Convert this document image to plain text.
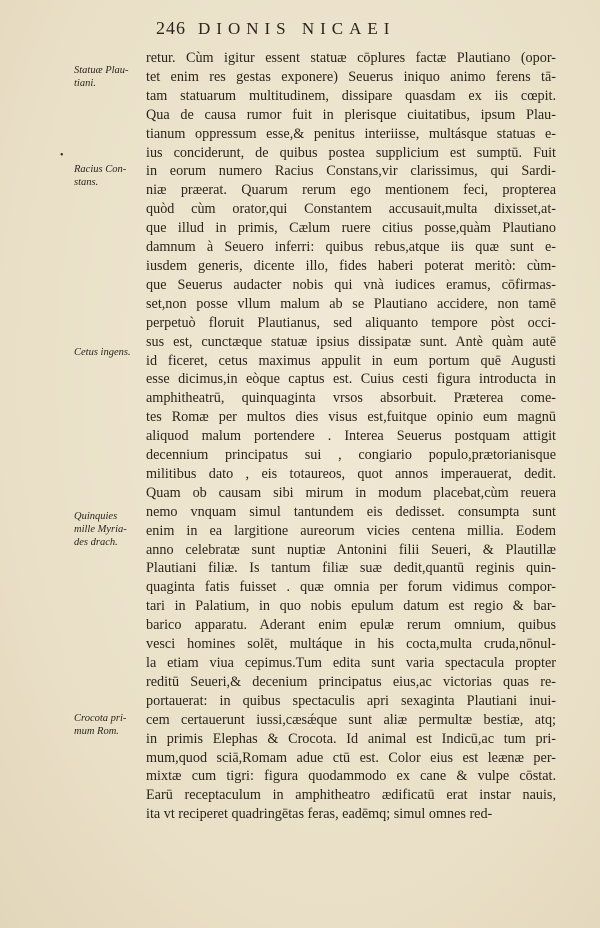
246 DIONIS NICAEI
Statuæ Plau-
tiani.
•
Racius Con-
stans.
Cetus ingens.
Quinquies
mille Myria-
des drach.
Crocota pri-
mum Rom.
retur. Cùm igitur essent statuæ cōplures factæ Plautiano (opor-
tet enim res gestas exponere) Seuerus iniquo animo ferens tā-
tam statuarum multitudinem, dissipare quasdam ex iis cœpit.
Qua de causa rumor fuit in plerisque ciuitatibus, ipsum Plau-
tianum oppressum esse,& penitus interiisse, multásque statuas e-
ius conciderunt, de quibus postea supplicium est sumptū. Fuit
in eorum numero Racius Constans,vir clarissimus, qui Sardi-
niæ præerat. Quarum rerum ego mentionem feci, propterea
quòd cùm orator,qui Constantem accusauit,multa dixisset,at-
que illud in primis, Cælum ruere citius posse,quàm Plautiano
damnum à Seuero inferri: quibus rebus,atque iis quæ sunt e-
iusdem generis, dicente illo, fides haberi poterat meritò: cùm-
que Seuerus audacter nobis qui vnà iudices eramus, cōfirmas-
set,non posse vllum malum ab se Plautiano accidere, non tamē
perpetuò floruit Plautianus, sed aliquanto tempore pòst occi-
sus est, cunctæque statuæ ipsius dissipatæ sunt. Antè quàm autē
id ficeret, cetus maximus appulit in eum portum quē Augusti
esse dicimus,in eòque captus est. Cuius cesti figura introducta in
amphitheatrū, quinquaginta vrsos absorbuit. Præterea come-
tes Romæ per multos dies visus est,fuitque opinio eum magnū
aliquod malum portendere . Interea Seuerus postquam attigit
decennium principatus sui , congiario populo,prætorianisque
militibus dato , eis totaureos, quot annos imperauerat, dedit.
Quam ob causam sibi mirum in modum placebat,cùm reuera
nemo vnquam simul tantundem eis dedisset. consumpta sunt
enim in ea largitione aureorum vicies centena millia. Eodem
anno celebratæ sunt nuptiæ Antonini filii Seueri, & Plautillæ
Plautiani filiæ. Is tantum filiæ suæ dedit,quantū reginis quin-
quaginta fatis fuisset . quæ omnia per forum vidimus compor-
tari in Palatium, in quo nobis epulum datum est regio & bar-
barico apparatu. Aderant enim epulæ rerum omnium, quibus
vesci homines solēt, multáque in his cocta,multa cruda,nōnul-
la etiam viua cepimus.Tum edita sunt varia spectacula propter
reditū Seueri,& decenium principatus eius,ac victorias quas re-
portauerat: in quibus spectaculis apri sexaginta Plautiani inui-
cem certauerunt iussi,cæsǽque sunt aliæ permultæ bestiæ, atq;
in primis Elephas & Crocota. Id animal est Indicū,ac tum pri-
mum,quod sciā,Romam adue ctū est. Color eius est leænæ per-
mixtæ cum tigri: figura quodammodo ex cane & vulpe cōstat.
Earū receptaculum in amphitheatro ædificatū erat instar nauis,
ita vt reciperet quadringētas feras, eadēmq; simul omnes red-
